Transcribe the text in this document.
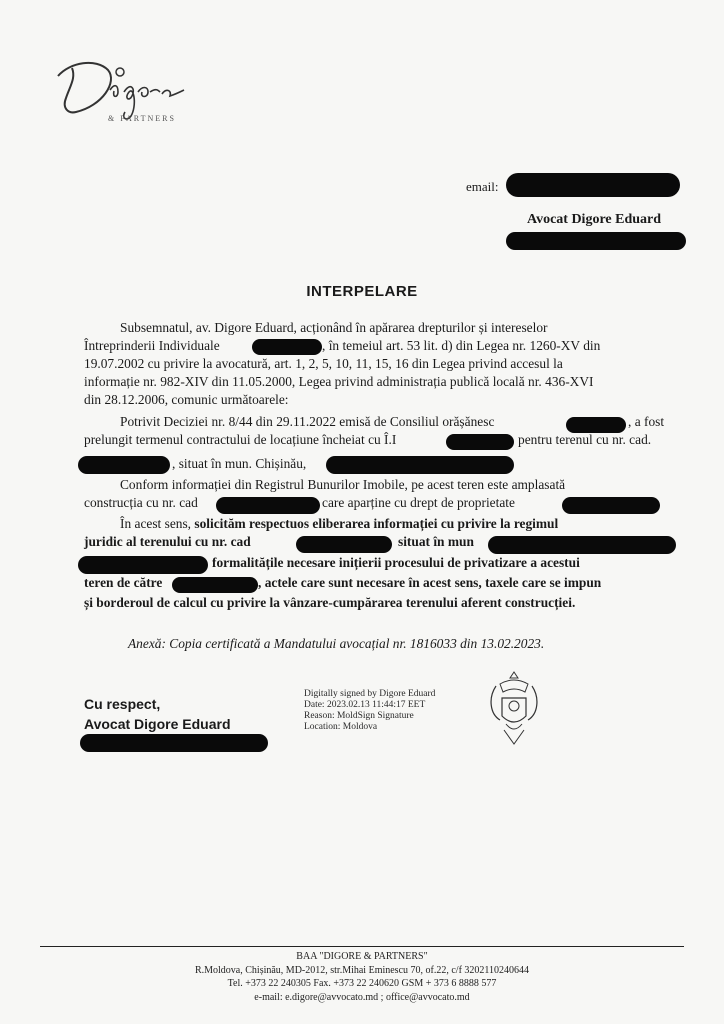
& PARTNERS
email:
Avocat Digore Eduard
INTERPELARE
Subsemnatul, av. Digore Eduard, acționând în apărarea drepturilor și intereselor
Întreprinderii Individuale	, în temeiul art. 53 lit. d) din Legea nr. 1260-XV din
19.07.2002 cu privire la avocatură, art. 1, 2, 5, 10, 11, 15, 16 din Legea privind accesul la
informație nr. 982-XIV din 11.05.2000, Legea privind administrația publică locală nr. 436-XVI
din 28.12.2006, comunic următoarele:
Potrivit Deciziei nr. 8/44 din 29.11.2022 emisă de Consiliul orășănesc	, a fost
prelungit termenul contractului de locațiune încheiat cu Î.I	pentru terenul cu nr. cad.
, situat în mun. Chișinău,
Conform informației din Registrul Bunurilor Imobile, pe acest teren este amplasată
construcția cu nr. cad	care aparține cu drept de proprietate
În acest sens, solicităm respectuos eliberarea informației cu privire la regimul
juridic al terenului cu nr. cad	situat în mun
formalitățile necesare inițierii procesului de privatizare a acestui
teren de către	, actele care sunt necesare în acest sens, taxele care se impun
și borderoul de calcul cu privire la vânzare-cumpărarea terenului aferent construcției.
Anexă: Copia certificată a Mandatului avocațial nr. 1816033 din 13.02.2023.
Cu respect,
Avocat Digore Eduard
Digitally signed by Digore Eduard
Date: 2023.02.13 11:44:17 EET
Reason: MoldSign Signature
Location: Moldova
BAA "DIGORE & PARTNERS"
R.Moldova, Chișinău, MD-2012, str.Mihai Eminescu 70, of.22, c/f 3202110240644
Tel. +373 22 240305 Fax. +373 22 240620 GSM + 373 6 8888 577
e-mail: e.digore@avvocato.md ; office@avvocato.md
